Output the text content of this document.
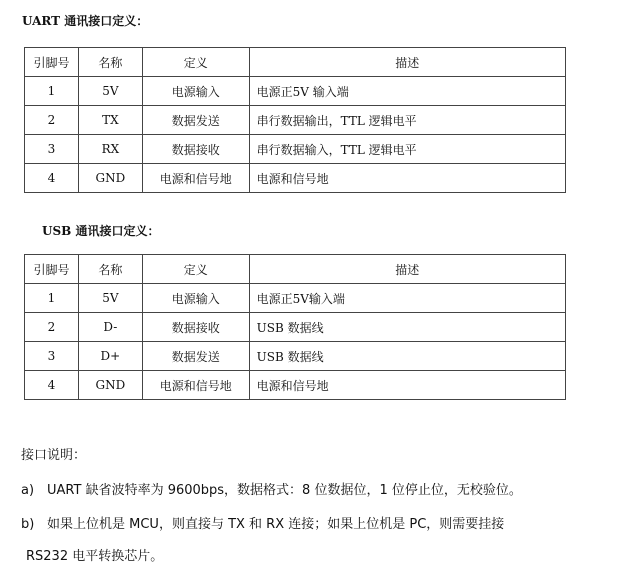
UART 通讯接口定义：
引脚号	名称	定义	描述
1	5V	电源输入	电源正5V 输入端
2	TX	数据发送	串行数据输出，TTL 逻辑电平
3	RX	数据接收	串行数据输入，TTL 逻辑电平
4	GND	电源和信号地	电源和信号地
USB 通讯接口定义：
引脚号	名称	定义	描述
1	5V	电源输入	电源正5V输入端
2	D-	数据接收	USB 数据线
3	D+	数据发送	USB 数据线
4	GND	电源和信号地	电源和信号地
接口说明：
a) UART 缺省波特率为 9600bps，数据格式：8 位数据位，1 位停止位，无校验位。
b) 如果上位机是 MCU，则直接与 TX 和 RX 连接；如果上位机是 PC，则需要挂接
RS232 电平转换芯片。
